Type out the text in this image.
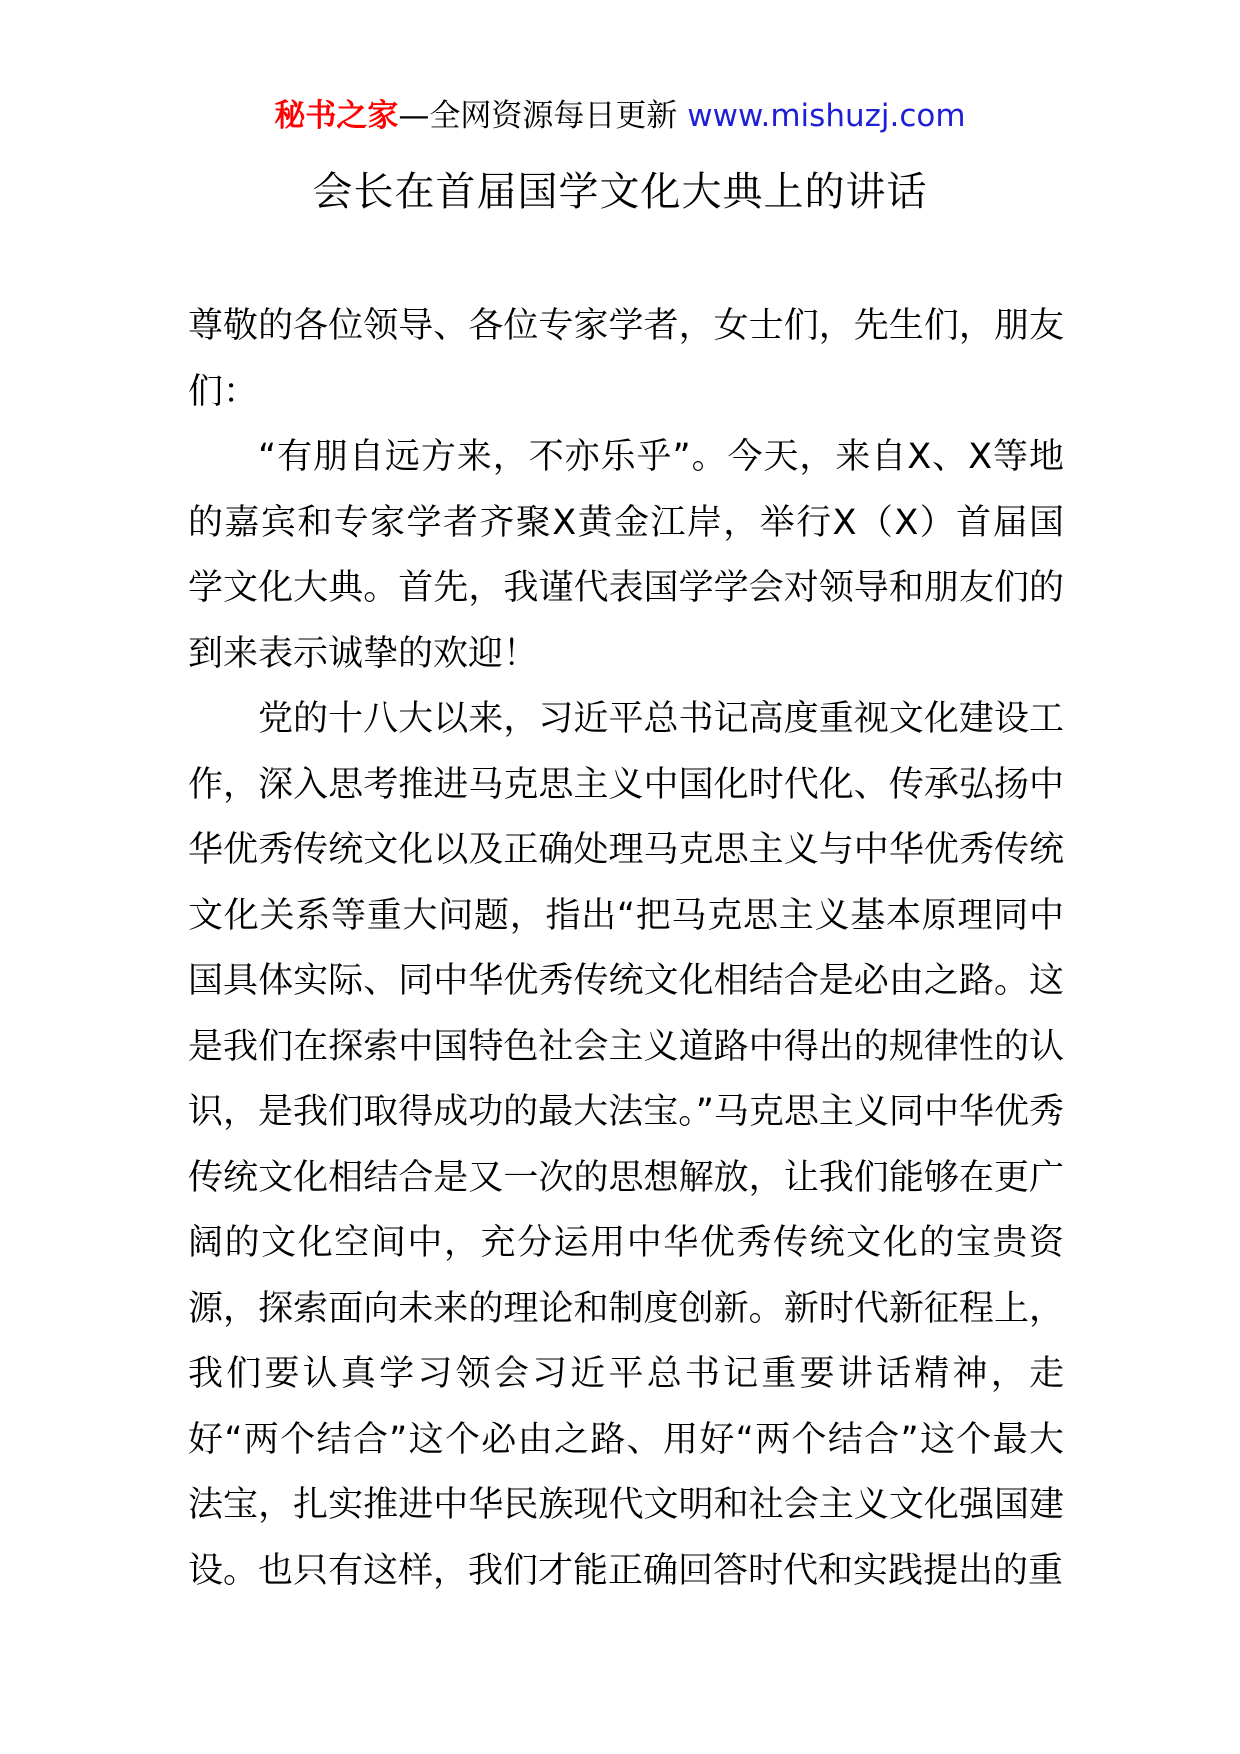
秘书之家—全网资源每日更新 www.mishuzj.com
会长在首届国学文化大典上的讲话

尊敬的各位领导、各位专家学者，女士们，先生们，朋友们：

“有朋自远方来，不亦乐乎”。今天，来自X、X等地的嘉宾和专家学者齐聚X黄金江岸，举行X（X）首届国学文化大典。首先，我谨代表国学学会对领导和朋友们的到来表示诚挚的欢迎！

党的十八大以来，习近平总书记高度重视文化建设工作，深入思考推进马克思主义中国化时代化、传承弘扬中华优秀传统文化以及正确处理马克思主义与中华优秀传统文化关系等重大问题，指出“把马克思主义基本原理同中国具体实际、同中华优秀传统文化相结合是必由之路。这是我们在探索中国特色社会主义道路中得出的规律性的认识，是我们取得成功的最大法宝。”马克思主义同中华优秀传统文化相结合是又一次的思想解放，让我们能够在更广阔的文化空间中，充分运用中华优秀传统文化的宝贵资源，探索面向未来的理论和制度创新。新时代新征程上，我们要认真学习领会习近平总书记重要讲话精神，走好“两个结合”这个必由之路、用好“两个结合”这个最大法宝，扎实推进中华民族现代文明和社会主义文化强国建设。也只有这样，我们才能正确回答时代和实践提出的重
